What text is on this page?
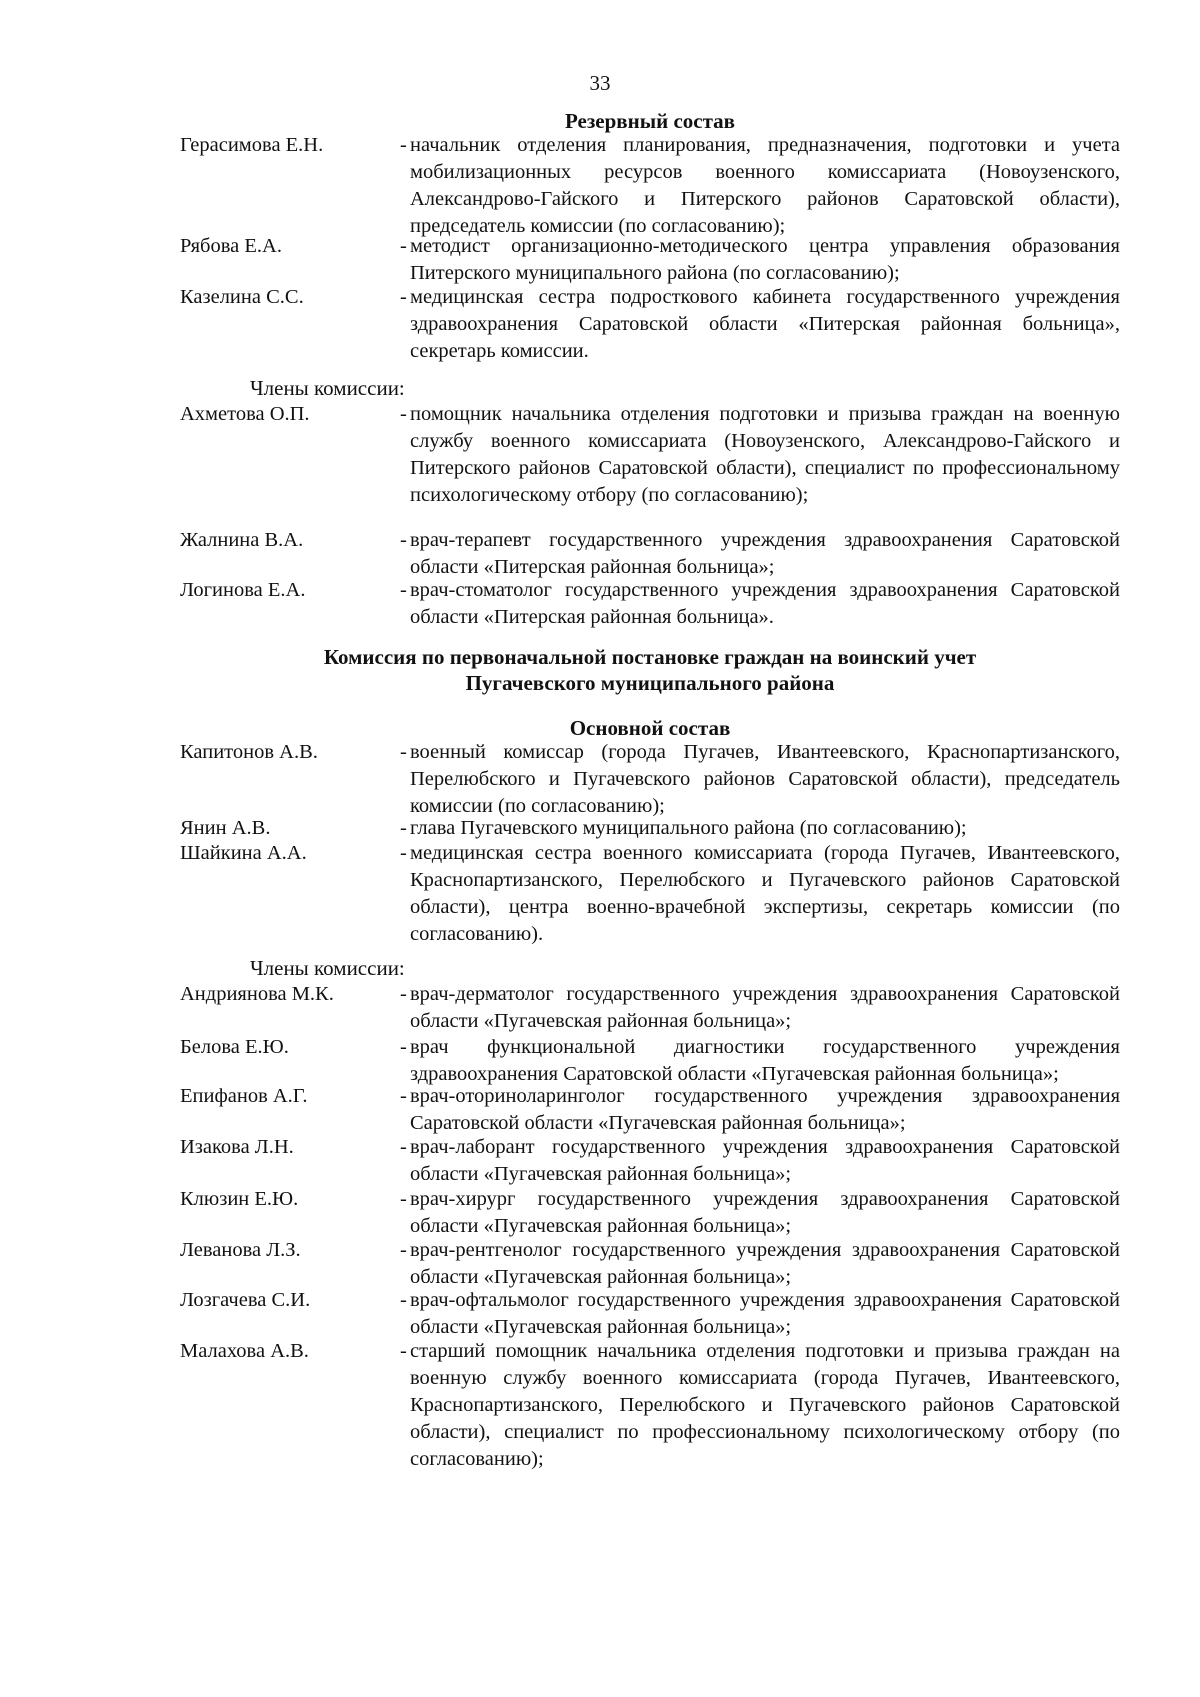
33
Резервный состав
Герасимова Е.Н.	- начальник отделения планирования, предназначения, подготовки и учета мобилизационных ресурсов военного комиссариата (Новоузенского, Александрово-Гайского и Питерского районов Саратовской области), председатель комиссии (по согласованию);
Рябова Е.А.	- методист организационно-методического центра управления образования Питерского муниципального района (по согласованию);
Казелина С.С.	- медицинская сестра подросткового кабинета государственного учреждения здравоохранения Саратовской области «Питерская районная больница», секретарь комиссии.
Члены комиссии:
Ахметова О.П.	- помощник начальника отделения подготовки и призыва граждан на военную службу военного комиссариата (Новоузенского, Александрово-Гайского и Питерского районов Саратовской области), специалист по профессиональному психологическому отбору (по согласованию);
Жалнина В.А.	- врач-терапевт государственного учреждения здравоохранения Саратовской области «Питерская районная больница»;
Логинова Е.А.	- врач-стоматолог государственного учреждения здравоохранения Саратовской области «Питерская районная больница».
Комиссия по первоначальной постановке граждан на воинский учет
Пугачевского муниципального района
Основной состав
Капитонов А.В.	- военный комиссар (города Пугачев, Ивантеевского, Краснопартизанского, Перелюбского и Пугачевского районов Саратовской области), председатель комиссии (по согласованию);
Янин А.В.	- глава Пугачевского муниципального района (по согласованию);
Шайкина А.А.	- медицинская сестра военного комиссариата (города Пугачев, Ивантеевского, Краснопартизанского, Перелюбского и Пугачевского районов Саратовской области), центра военно-врачебной экспертизы, секретарь комиссии (по согласованию).
Члены комиссии:
Андриянова М.К.	- врач-дерматолог государственного учреждения здравоохранения Саратовской области «Пугачевская районная больница»;
Белова Е.Ю.	- врач функциональной диагностики государственного учреждения здравоохранения Саратовской области «Пугачевская районная больница»;
Епифанов А.Г.	- врач-оториноларинголог государственного учреждения здравоохранения Саратовской области «Пугачевская районная больница»;
Изакова Л.Н.	- врач-лаборант государственного учреждения здравоохранения Саратовской области «Пугачевская районная больница»;
Клюзин Е.Ю.	- врач-хирург государственного учреждения здравоохранения Саратовской области «Пугачевская районная больница»;
Леванова Л.З.	- врач-рентгенолог государственного учреждения здравоохранения Саратовской области «Пугачевская районная больница»;
Лозгачева С.И.	- врач-офтальмолог государственного учреждения здравоохранения Саратовской области «Пугачевская районная больница»;
Малахова А.В.	- старший помощник начальника отделения подготовки и призыва граждан на военную службу военного комиссариата (города Пугачев, Ивантеевского, Краснопартизанского, Перелюбского и Пугачевского районов Саратовской области), специалист по профессиональному психологическому отбору (по согласованию);
